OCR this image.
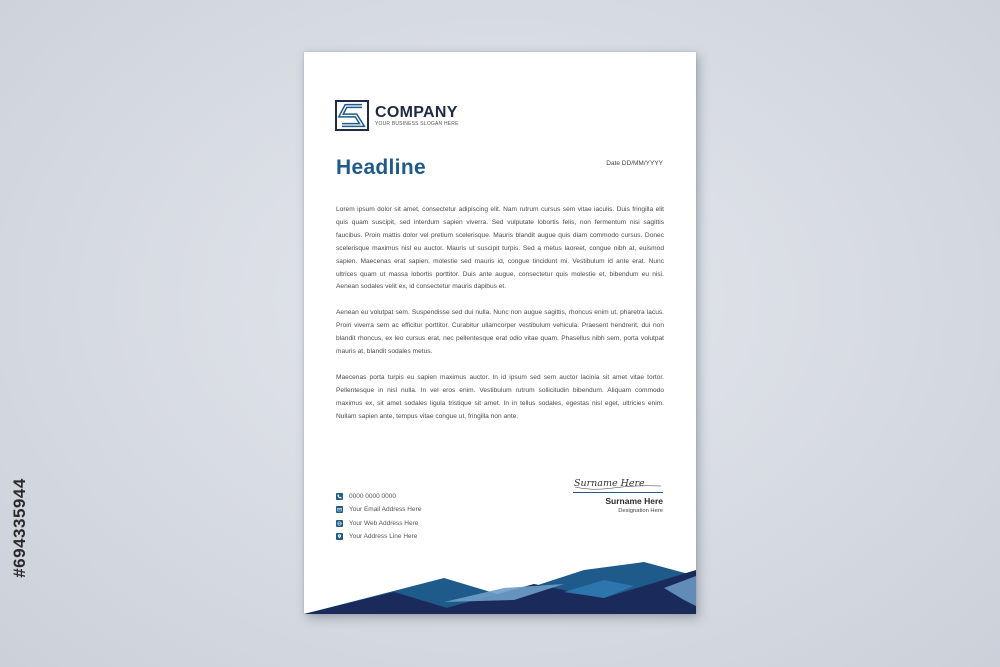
#694335944
COMPANY
YOUR BUSINESS SLOGAN HERE
Headline	Date DD/MM/YYYY

Lorem ipsum dolor sit amet, consectetur adipiscing elit. Nam rutrum cursus sem vitae iaculis. Duis fringilla elit quis quam suscipit, sed interdum sapien viverra. Sed vulputate lobortis felis, non fermentum nisi sagittis faucibus. Proin mattis dolor vel pretium scelerisque. Mauris blandit augue quis diam commodo cursus. Donec scelerisque maximus nisl eu auctor. Mauris ut suscipit turpis. Sed a metus laoreet, congue nibh at, euismod sapien. Maecenas erat sapien, molestie sed mauris id, congue tincidunt mi. Vestibulum id ante erat. Nunc ultrices quam ut massa lobortis porttitor. Duis ante augue, consectetur quis molestie et, bibendum eu nisi. Aenean sodales velit ex, id consectetur mauris dapibus et.

Aenean eu volutpat sem. Suspendisse sed dui nulla. Nunc non augue sagittis, rhoncus enim ut, pharetra lacus. Proin viverra sem ac efficitur porttitor. Curabitur ullamcorper vestibulum vehicula. Praesent hendrerit, dui non blandit rhoncus, ex leo cursus erat, nec pellentesque erat odio vitae quam. Phasellus nibh sem, porta volutpat mauris at, blandit sodales metus.

Maecenas porta turpis eu sapien maximus auctor. In id ipsum sed sem auctor lacinia sit amet vitae tortor. Pellentesque in nisl nulla. In vel eros enim. Vestibulum rutrum sollicitudin bibendum. Aliquam commodo maximus ex, sit amet sodales ligula tristique sit amet. In in tellus sodales, egestas nisl eget, ultricies enim. Nullam sapien ante, tempus vitae congue ut, fringilla non ante.

Surname Here
Surname Here
Designation Here
0000 0000 0000
Your Email Address Here
Your Web Address Here
Your Address Line Here
